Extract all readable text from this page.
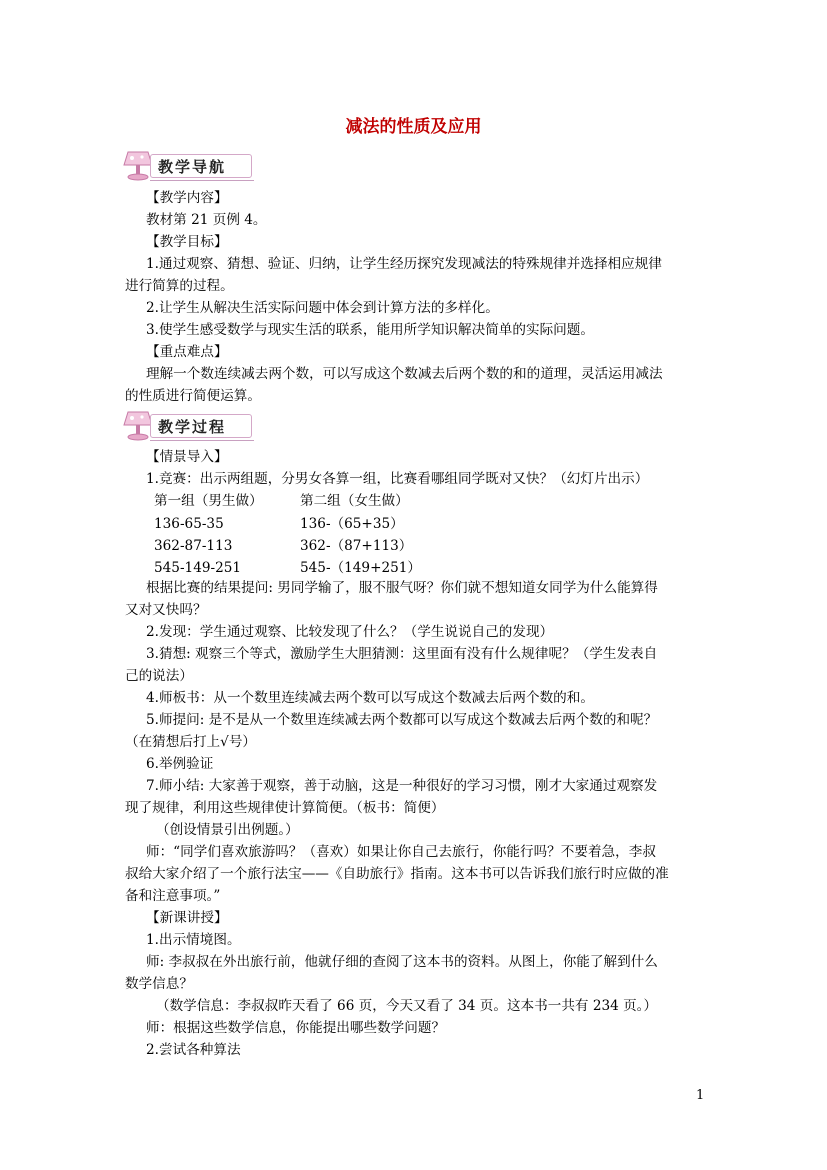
减法的性质及应用
教学导航
【教学内容】
教材第 21 页例 4。
【教学目标】
1.通过观察、猜想、验证、归纳，让学生经历探究发现减法的特殊规律并选择相应规律
进行简算的过程。
2.让学生从解决生活实际问题中体会到计算方法的多样化。
3.使学生感受数学与现实生活的联系，能用所学知识解决简单的实际问题。
【重点难点】
理解一个数连续减去两个数，可以写成这个数减去后两个数的和的道理，灵活运用减法
的性质进行简便运算。
教学过程
【情景导入】
1.竞赛：出示两组题，分男女各算一组，比赛看哪组同学既对又快？（幻灯片出示）
第一组（男生做）	第二组（女生做）
136-65-35	136-（65+35）
362-87-113	362-（87+113）
545-149-251	545-（149+251）
根据比赛的结果提问: 男同学输了，服不服气呀？你们就不想知道女同学为什么能算得
又对又快吗？
2.发现：学生通过观察、比较发现了什么？（学生说说自己的发现）
3.猜想: 观察三个等式，激励学生大胆猜测：这里面有没有什么规律呢？（学生发表自
己的说法）
4.师板书：从一个数里连续减去两个数可以写成这个数减去后两个数的和。
5.师提问: 是不是从一个数里连续减去两个数都可以写成这个数减去后两个数的和呢？
（在猜想后打上√号）
6.举例验证
7.师小结: 大家善于观察，善于动脑，这是一种很好的学习习惯，刚才大家通过观察发
现了规律，利用这些规律使计算简便。（板书：简便）
（创设情景引出例题。）
师：“同学们喜欢旅游吗？（喜欢）如果让你自己去旅行，你能行吗？不要着急，李叔
叔给大家介绍了一个旅行法宝——《自助旅行》指南。这本书可以告诉我们旅行时应做的准
备和注意事项。”
【新课讲授】
1.出示情境图。
师: 李叔叔在外出旅行前，他就仔细的查阅了这本书的资料。从图上，你能了解到什么
数学信息？
（数学信息：李叔叔昨天看了 66 页，今天又看了 34 页。这本书一共有 234 页。）
师：根据这些数学信息，你能提出哪些数学问题？
2.尝试各种算法
1
